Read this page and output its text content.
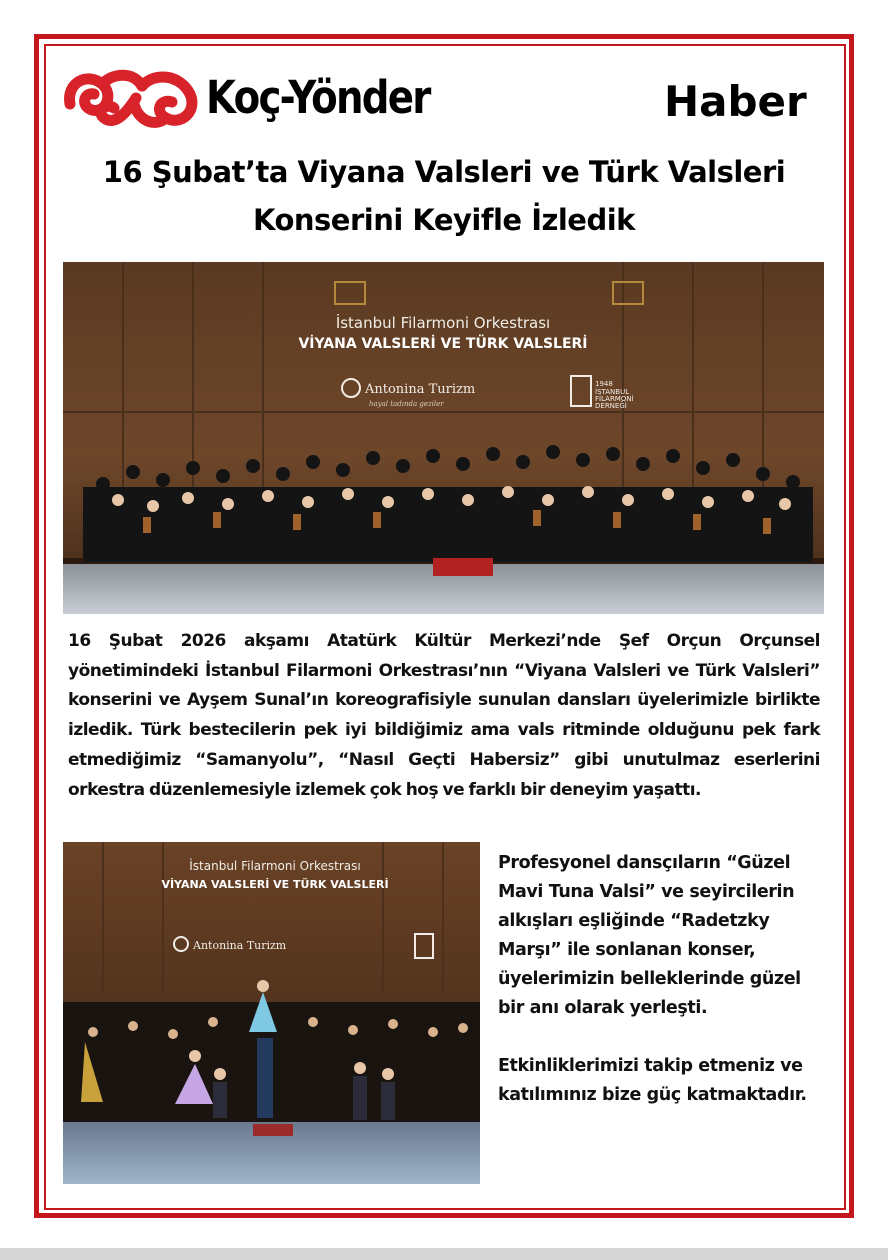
Koç-Yönder	Haber
16 Şubat’ta Viyana Valsleri ve Türk Valsleri
Konserini Keyifle İzledik
İstanbul Filarmoni Orkestrası
VİYANA VALSLERİ VE TÜRK VALSLERİ
Antonina Turizm
hayal tadında geziler
1948
İSTANBUL
FİLARMONİ
DERNEĞİ
16 Şubat 2026 akşamı Atatürk Kültür Merkezi’nde Şef Orçun Orçunsel yönetimindeki İstanbul Filarmoni Orkestrası’nın “Viyana Valsleri ve Türk Valsleri” konserini ve Ayşem Sunal’ın koreografisiyle sunulan dansları üyelerimizle birlikte izledik. Türk bestecilerin pek iyi bildiğimiz ama vals ritminde olduğunu pek fark etmediğimiz “Samanyolu”, “Nasıl Geçti Habersiz” gibi unutulmaz eserlerini orkestra düzenlemesiyle izlemek çok hoş ve farklı bir deneyim yaşattı.
İstanbul Filarmoni Orkestrası
VİYANA VALSLERİ VE TÜRK VALSLERİ
Antonina Turizm

Profesyonel dansçıların “Güzel Mavi Tuna Valsi” ve seyircilerin alkışları eşliğinde “Radetzky Marşı” ile sonlanan konser, üyelerimizin belleklerinde güzel bir anı olarak yerleşti.

Etkinliklerimizi takip etmeniz ve katılımınız bize güç katmaktadır.
